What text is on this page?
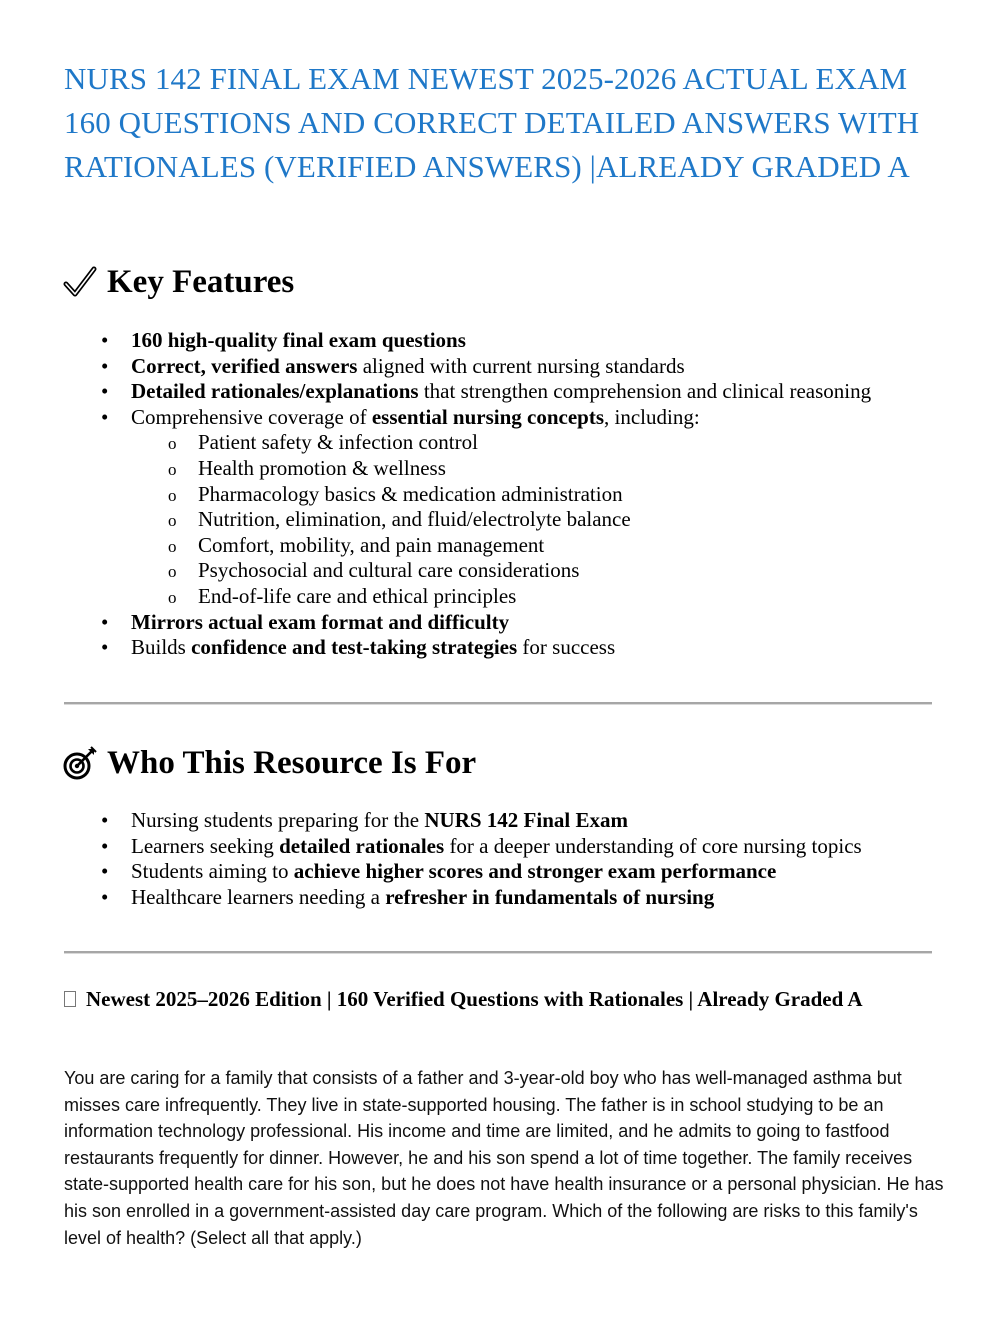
NURS 142 FINAL EXAM NEWEST 2025-2026 ACTUAL EXAM 160 QUESTIONS AND CORRECT DETAILED ANSWERS WITH RATIONALES (VERIFIED ANSWERS) |ALREADY GRADED A
Key Features
• 160 high-quality final exam questions
• Correct, verified answers aligned with current nursing standards
• Detailed rationales/explanations that strengthen comprehension and clinical reasoning
• Comprehensive coverage of essential nursing concepts, including:
o Patient safety & infection control
o Health promotion & wellness
o Pharmacology basics & medication administration
o Nutrition, elimination, and fluid/electrolyte balance
o Comfort, mobility, and pain management
o Psychosocial and cultural care considerations
o End-of-life care and ethical principles
• Mirrors actual exam format and difficulty
• Builds confidence and test-taking strategies for success
Who This Resource Is For
• Nursing students preparing for the NURS 142 Final Exam
• Learners seeking detailed rationales for a deeper understanding of core nursing topics
• Students aiming to achieve higher scores and stronger exam performance
• Healthcare learners needing a refresher in fundamentals of nursing
Newest 2025–2026 Edition | 160 Verified Questions with Rationales | Already Graded A

You are caring for a family that consists of a father and 3-year-old boy who has well-managed asthma but misses care infrequently. They live in state-supported housing. The father is in school studying to be an information technology professional. His income and time are limited, and he admits to going to fastfood restaurants frequently for dinner. However, he and his son spend a lot of time together. The family receives state-supported health care for his son, but he does not have health insurance or a personal physician. He has his son enrolled in a government-assisted day care program. Which of the following are risks to this family's level of health? (Select all that apply.)
